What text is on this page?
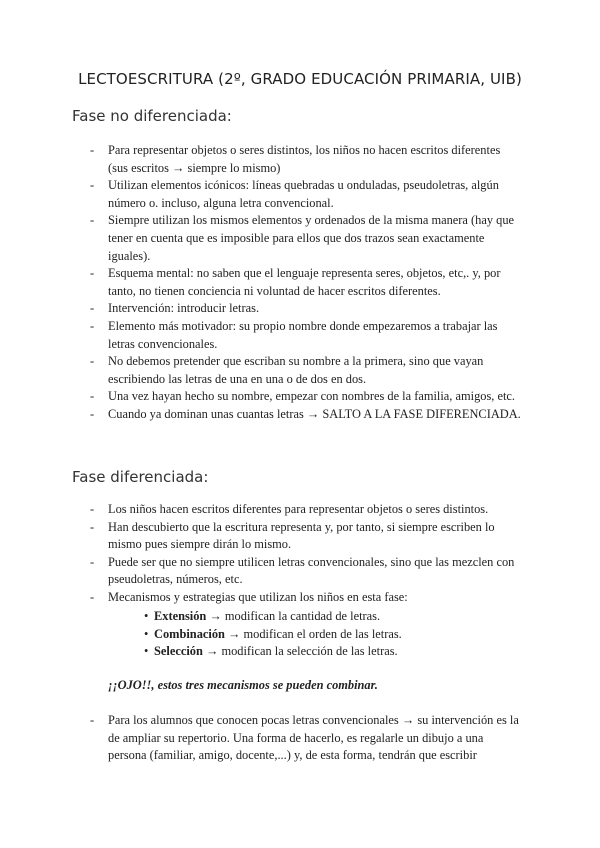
LECTOESCRITURA (2º, GRADO EDUCACIÓN PRIMARIA, UIB)
Fase no diferenciada:
- Para representar objetos o seres distintos, los niños no hacen escritos diferentes (sus escritos → siempre lo mismo)
- Utilizan elementos icónicos: líneas quebradas u onduladas, pseudoletras, algún número o. incluso, alguna letra convencional.
- Siempre utilizan los mismos elementos y ordenados de la misma manera (hay que tener en cuenta que es imposible para ellos que dos trazos sean exactamente iguales).
- Esquema mental: no saben que el lenguaje representa seres, objetos, etc,. y, por tanto, no tienen conciencia ni voluntad de hacer escritos diferentes.
- Intervención: introducir letras.
- Elemento más motivador: su propio nombre donde empezaremos a trabajar las letras convencionales.
- No debemos pretender que escriban su nombre a la primera, sino que vayan escribiendo las letras de una en una o de dos en dos.
- Una vez hayan hecho su nombre, empezar con nombres de la familia, amigos, etc.
- Cuando ya dominan unas cuantas letras → SALTO A LA FASE DIFERENCIADA.
Fase diferenciada:
- Los niños hacen escritos diferentes para representar objetos o seres distintos.
- Han descubierto que la escritura representa y, por tanto, si siempre escriben lo mismo pues siempre dirán lo mismo.
- Puede ser que no siempre utilicen letras convencionales, sino que las mezclen con pseudoletras, números, etc.
- Mecanismos y estrategias que utilizan los niños en esta fase:
• Extensión → modifican la cantidad de letras.
• Combinación → modifican el orden de las letras.
• Selección → modifican la selección de las letras.
¡¡OJO!!, estos tres mecanismos se pueden combinar.
- Para los alumnos que conocen pocas letras convencionales → su intervención es la de ampliar su repertorio. Una forma de hacerlo, es regalarle un dibujo a una persona (familiar, amigo, docente,...) y, de esta forma, tendrán que escribir
